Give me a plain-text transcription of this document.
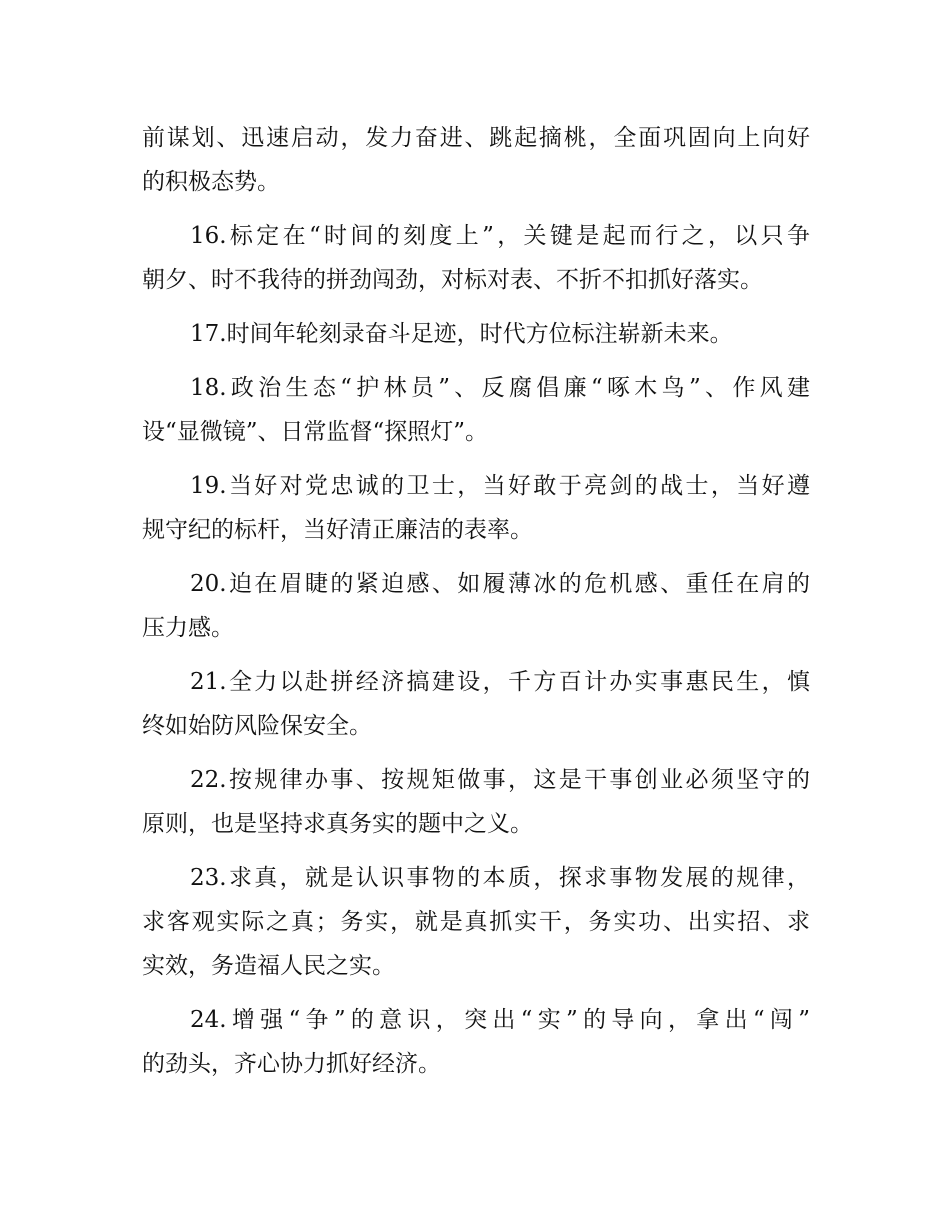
前谋划、迅速启动，发力奋进、跳起摘桃，全面巩固向上向好
的积极态势。
16.标定在“时间的刻度上”，关键是起而行之，以只争
朝夕、时不我待的拼劲闯劲，对标对表、不折不扣抓好落实。
17.时间年轮刻录奋斗足迹，时代方位标注崭新未来。
18.政治生态“护林员”、反腐倡廉“啄木鸟”、作风建
设“显微镜”、日常监督“探照灯”。
19.当好对党忠诚的卫士，当好敢于亮剑的战士，当好遵
规守纪的标杆，当好清正廉洁的表率。
20.迫在眉睫的紧迫感、如履薄冰的危机感、重任在肩的
压力感。
21.全力以赴拼经济搞建设，千方百计办实事惠民生，慎
终如始防风险保安全。
22.按规律办事、按规矩做事，这是干事创业必须坚守的
原则，也是坚持求真务实的题中之义。
23.求真，就是认识事物的本质，探求事物发展的规律，
求客观实际之真；务实，就是真抓实干，务实功、出实招、求
实效，务造福人民之实。
24.增强“争”的意识，突出“实”的导向，拿出“闯”
的劲头，齐心协力抓好经济。
